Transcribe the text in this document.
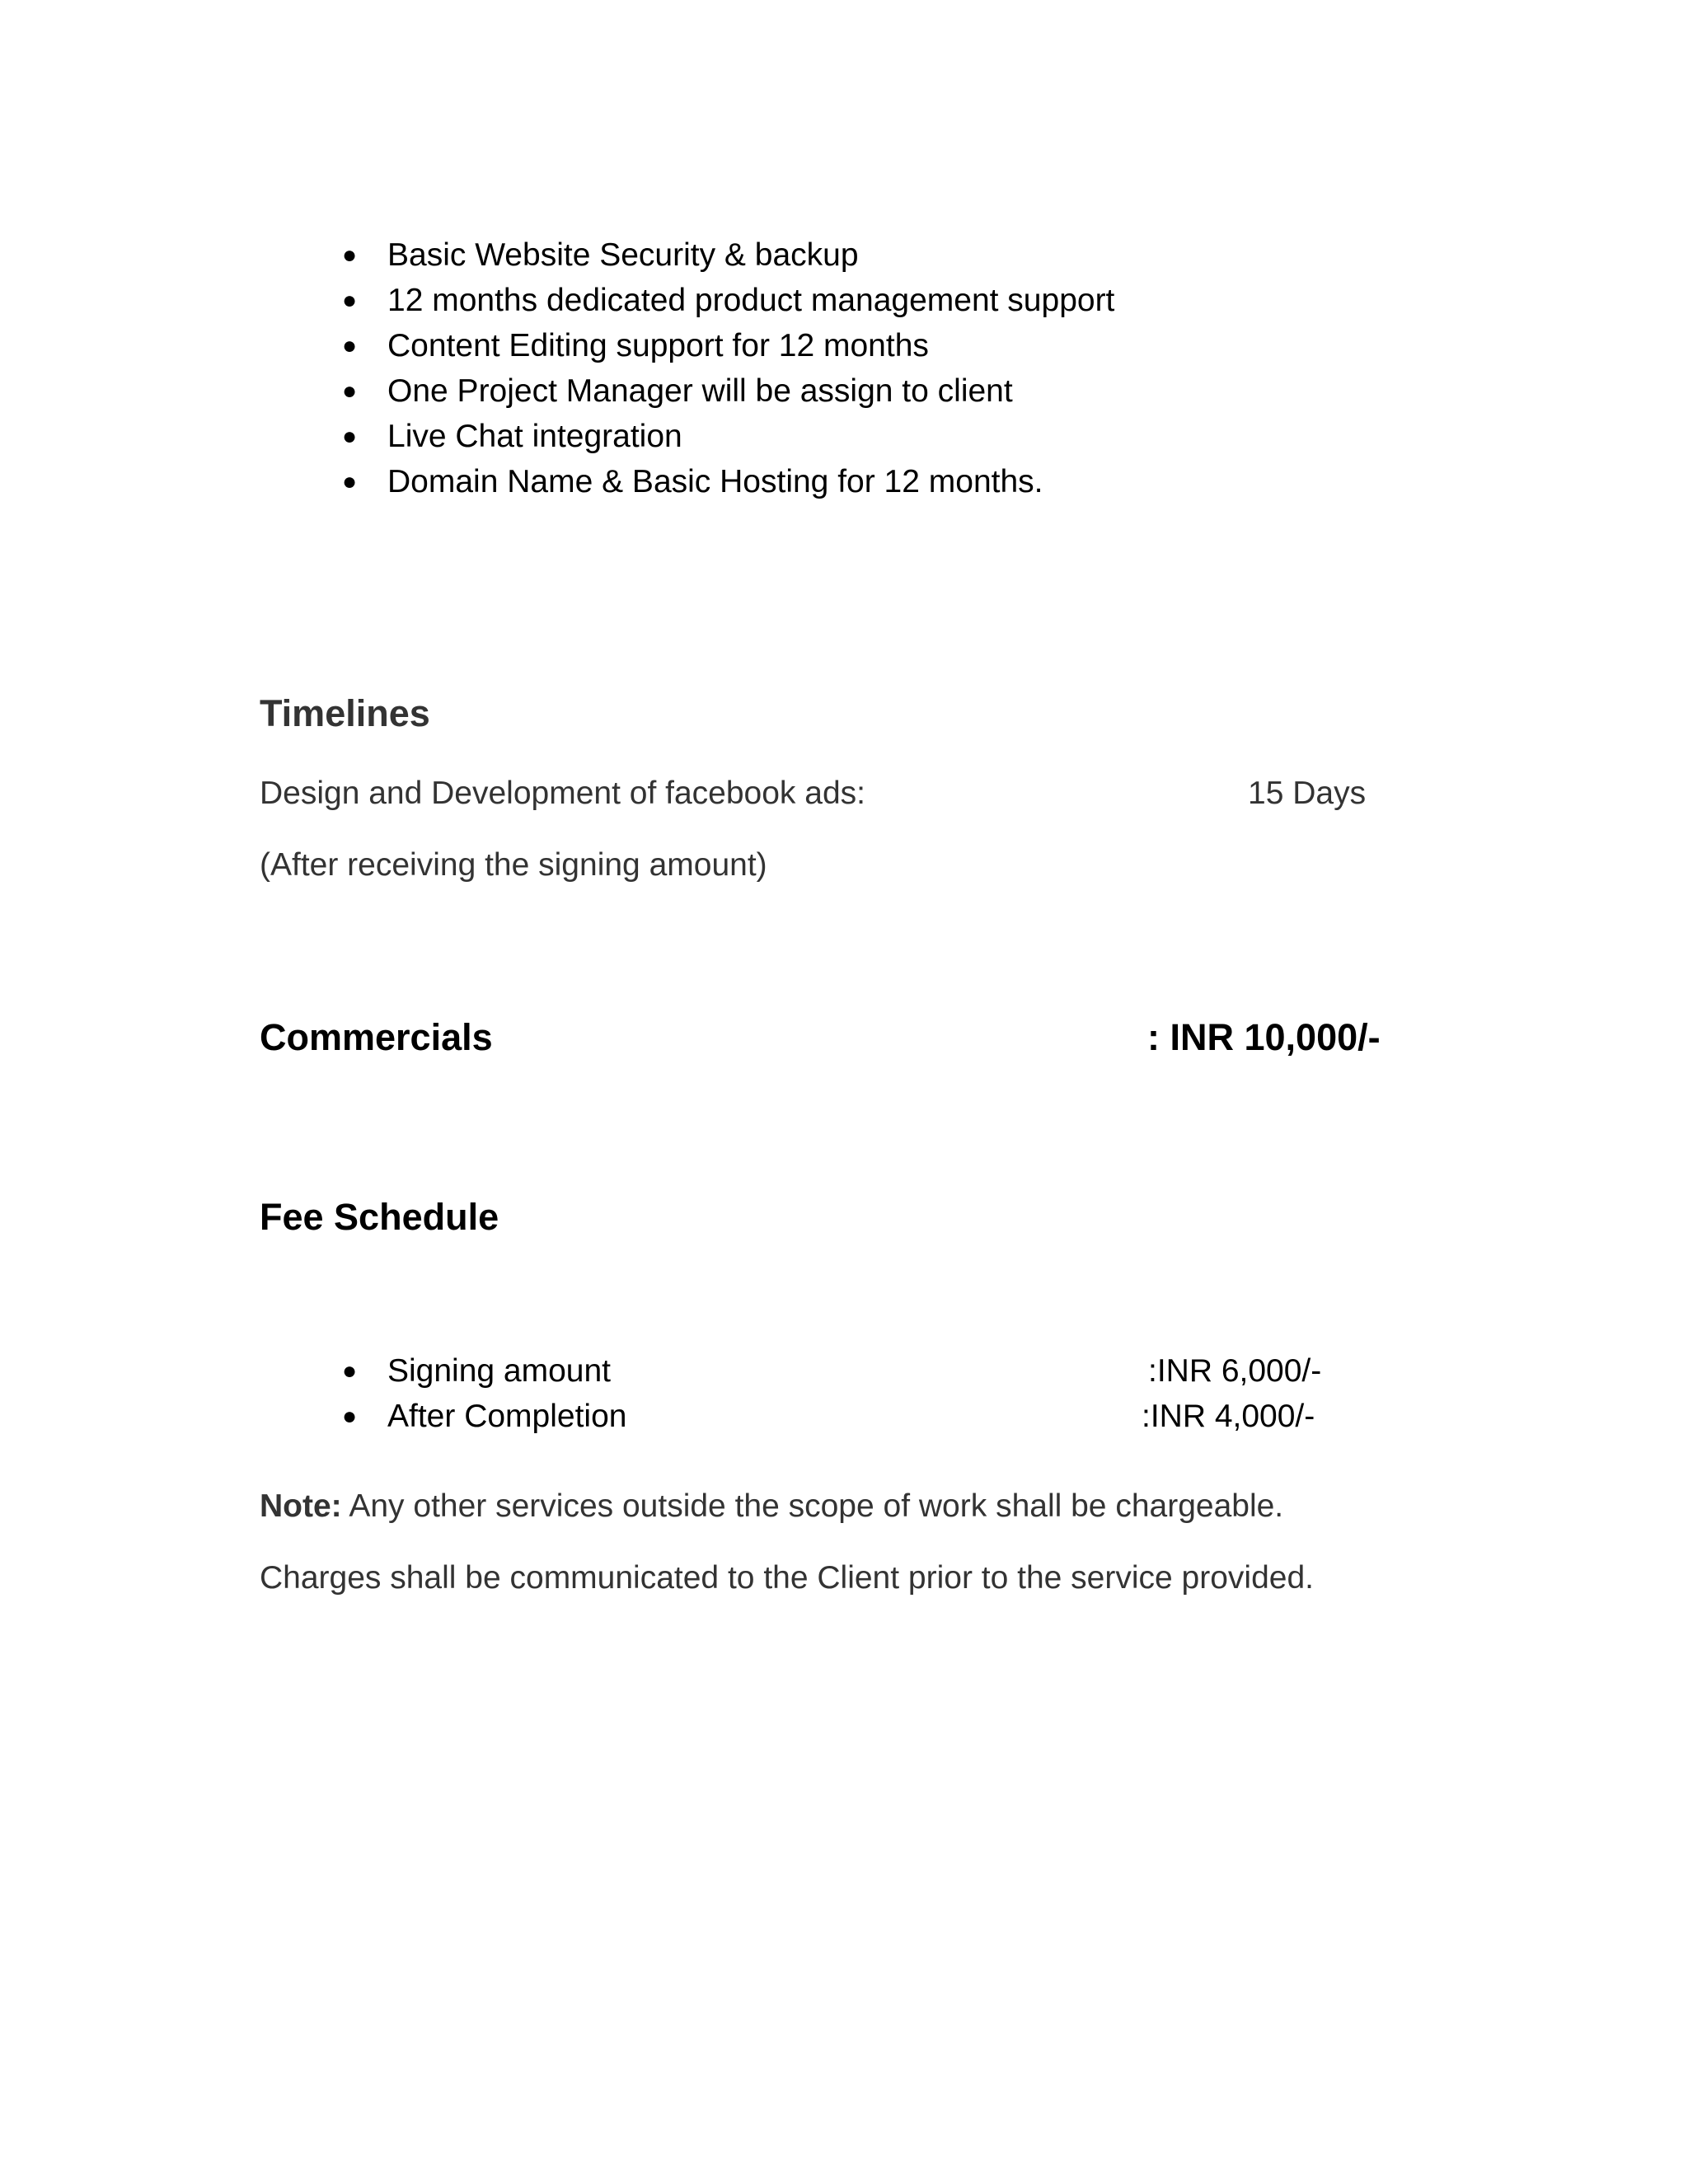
● Basic Website Security & backup
● 12 months dedicated product management support
● Content Editing support for 12 months
● One Project Manager will be assign to client
● Live Chat integration
● Domain Name & Basic Hosting for 12 months.
Timelines
Design and Development of facebook ads:	15 Days
(After receiving the signing amount)
Commercials	: INR 10,000/-
Fee Schedule
● Signing amount	:INR 6,000/-
● After Completion	:INR 4,000/-
Note: Any other services outside the scope of work shall be chargeable.
Charges shall be communicated to the Client prior to the service provided.
